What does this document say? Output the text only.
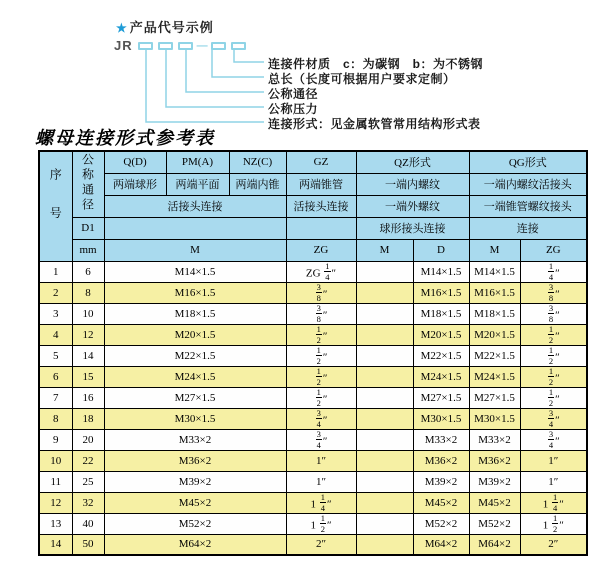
★ 产品代号示例
JR	—
连接件材质　c：为碳钢　b：为不锈钢
总长（长度可根据用户要求定制）
公称通径
公称压力
连接形式：见金属软管常用结构形式表
螺母连接形式参考表
序号	公称通径	Q(D)	PM(A)	NZ(C)	GZ	QZ形式		QG形式	
		两端球形	两端平面	两端内锥	两端锥管	一端内螺纹		一端内螺纹活接头	
		活接头连接			活接头连接	一端外螺纹		一端锥管螺纹接头	
	D1					球形接头连接		连接	
	mm	M			ZG	M	D	M	ZG
1	6	M14×1.5			ZG $\frac{1}{4}$ ″		M14×1.5	M14×1.5	$\frac{1}{4}$ ″
2	8	M16×1.5			$\frac{3}{8}$ ″		M16×1.5	M16×1.5	$\frac{3}{8}$ ″
3	10	M18×1.5			$\frac{3}{8}$ ″		M18×1.5	M18×1.5	$\frac{3}{8}$ ″
4	12	M20×1.5			$\frac{1}{2}$ ″		M20×1.5	M20×1.5	$\frac{1}{2}$ ″
5	14	M22×1.5			$\frac{1}{2}$ ″		M22×1.5	M22×1.5	$\frac{1}{2}$ ″
6	15	M24×1.5			$\frac{1}{2}$ ″		M24×1.5	M24×1.5	$\frac{1}{2}$ ″
7	16	M27×1.5			$\frac{1}{2}$ ″		M27×1.5	M27×1.5	$\frac{1}{2}$ ″
8	18	M30×1.5			$\frac{3}{4}$ ″		M30×1.5	M30×1.5	$\frac{3}{4}$ ″
9	20	M33×2			$\frac{3}{4}$ ″		M33×2	M33×2	$\frac{3}{4}$ ″
10	22	M36×2			1″		M36×2	M36×2	1″
11	25	M39×2			1″		M39×2	M39×2	1″
12	32	M45×2			$1 \frac{1}{4}$ ″		M45×2	M45×2	$1 \frac{1}{4}$ ″
13	40	M52×2			$1 \frac{1}{2}$ ″		M52×2	M52×2	$1 \frac{1}{2}$ ″
14	50	M64×2			2″		M64×2	M64×2	2″
